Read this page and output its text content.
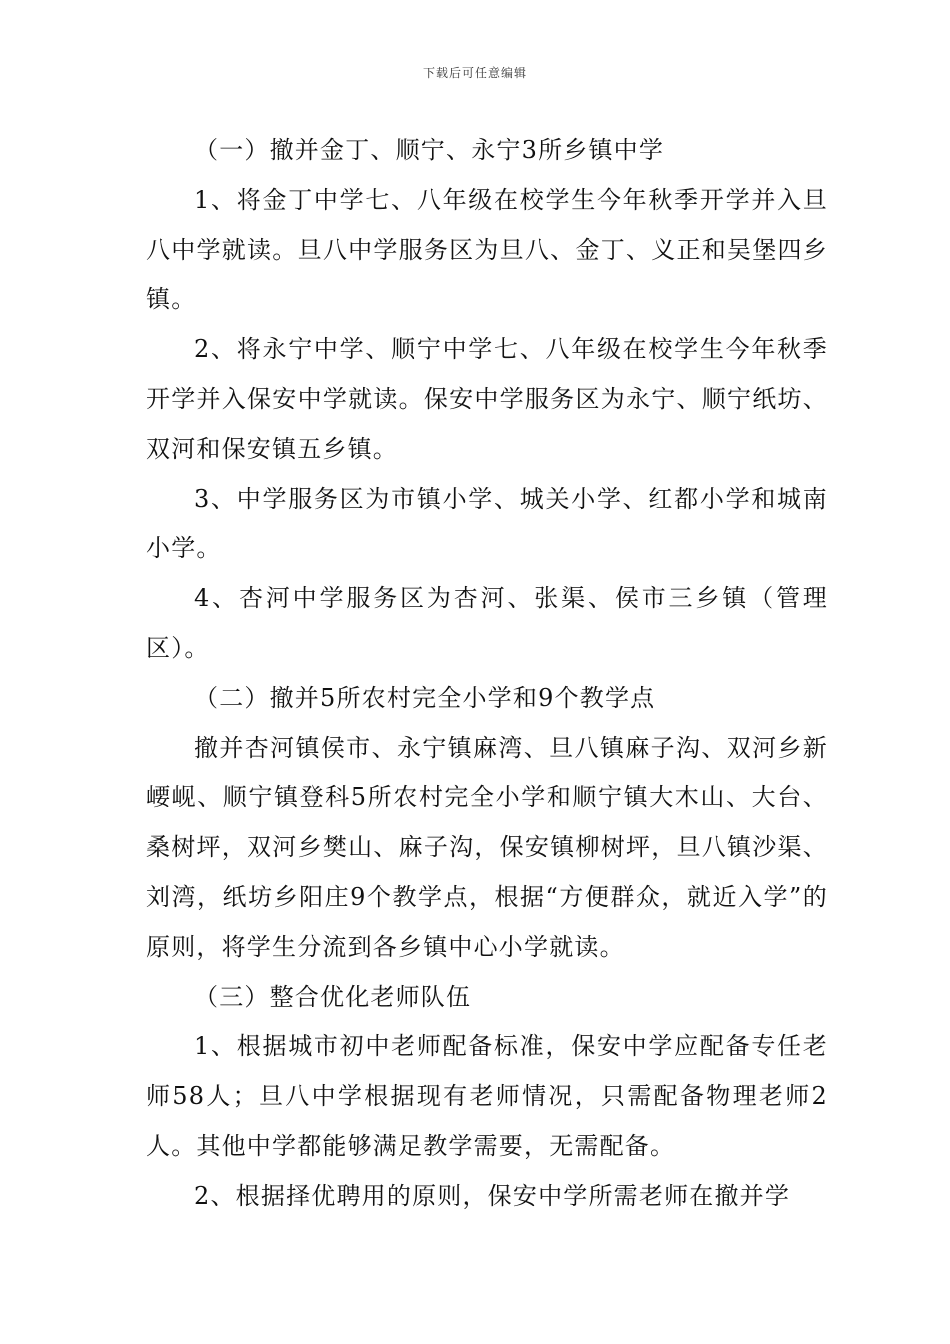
下载后可任意编辑

（一）撤并金丁、顺宁、永宁3所乡镇中学

1、将金丁中学七、八年级在校学生今年秋季开学并入旦八中学就读。旦八中学服务区为旦八、金丁、义正和吴堡四乡镇。

2、将永宁中学、顺宁中学七、八年级在校学生今年秋季开学并入保安中学就读。保安中学服务区为永宁、顺宁纸坊、双河和保安镇五乡镇。

3、中学服务区为市镇小学、城关小学、红都小学和城南小学。

4、杏河中学服务区为杏河、张渠、侯市三乡镇（管理区）。

（二）撤并5所农村完全小学和9个教学点

撤并杏河镇侯市、永宁镇麻湾、旦八镇麻子沟、双河乡新崾岘、顺宁镇登科5所农村完全小学和顺宁镇大木山、大台、桑树坪，双河乡樊山、麻子沟，保安镇柳树坪，旦八镇沙渠、刘湾，纸坊乡阳庄9个教学点，根据“方便群众，就近入学”的原则，将学生分流到各乡镇中心小学就读。

（三）整合优化老师队伍

1、根据城市初中老师配备标准，保安中学应配备专任老师58人；旦八中学根据现有老师情况，只需配备物理老师2人。其他中学都能够满足教学需要，无需配备。

2、根据择优聘用的原则，保安中学所需老师在撤并学
